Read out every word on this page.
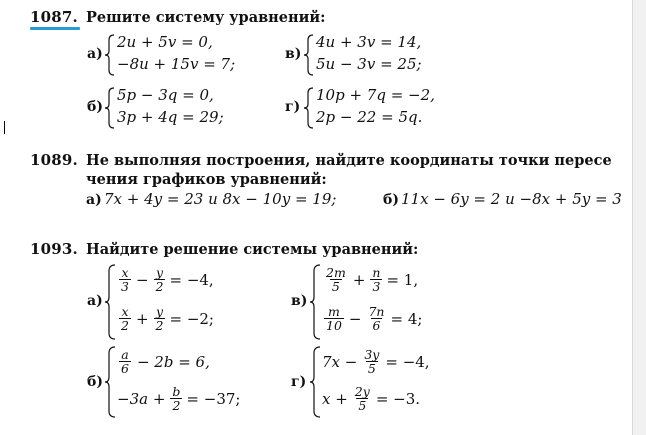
1087. Решите систему уравнений:
а)
2u + 5v = 0,
−8u + 15v = 7;
в)
4u + 3v = 14,
5u − 3v = 25;
б)
5p − 3q = 0,
3p + 4q = 29;
г)
10p + 7q = −2,
2p − 22 = 5q.
1089. Не выполняя построения, найдите координаты точки пересе
чения графиков уравнений:
а) 7x + 4y = 23 и 8x − 10y = 19;	б) 11x − 6y = 2 и −8x + 5y = 3
1093. Найдите решение системы уравнений:
а)
$\frac{x}{3} - \frac{y}{2} = -4$,
$\frac{x}{2} + \frac{y}{2} = -2$;
в)
$\frac{2m}{5} + \frac{n}{3} = 1$,
$\frac{m}{10} - \frac{7n}{6} = 4$;
б)
$\frac{a}{6} - 2b = 6$,
$-3a + \frac{b}{2} = -37$;
г)
$7x - \frac{3y}{5} = -4$,
$x + \frac{2y}{5} = -3$.
